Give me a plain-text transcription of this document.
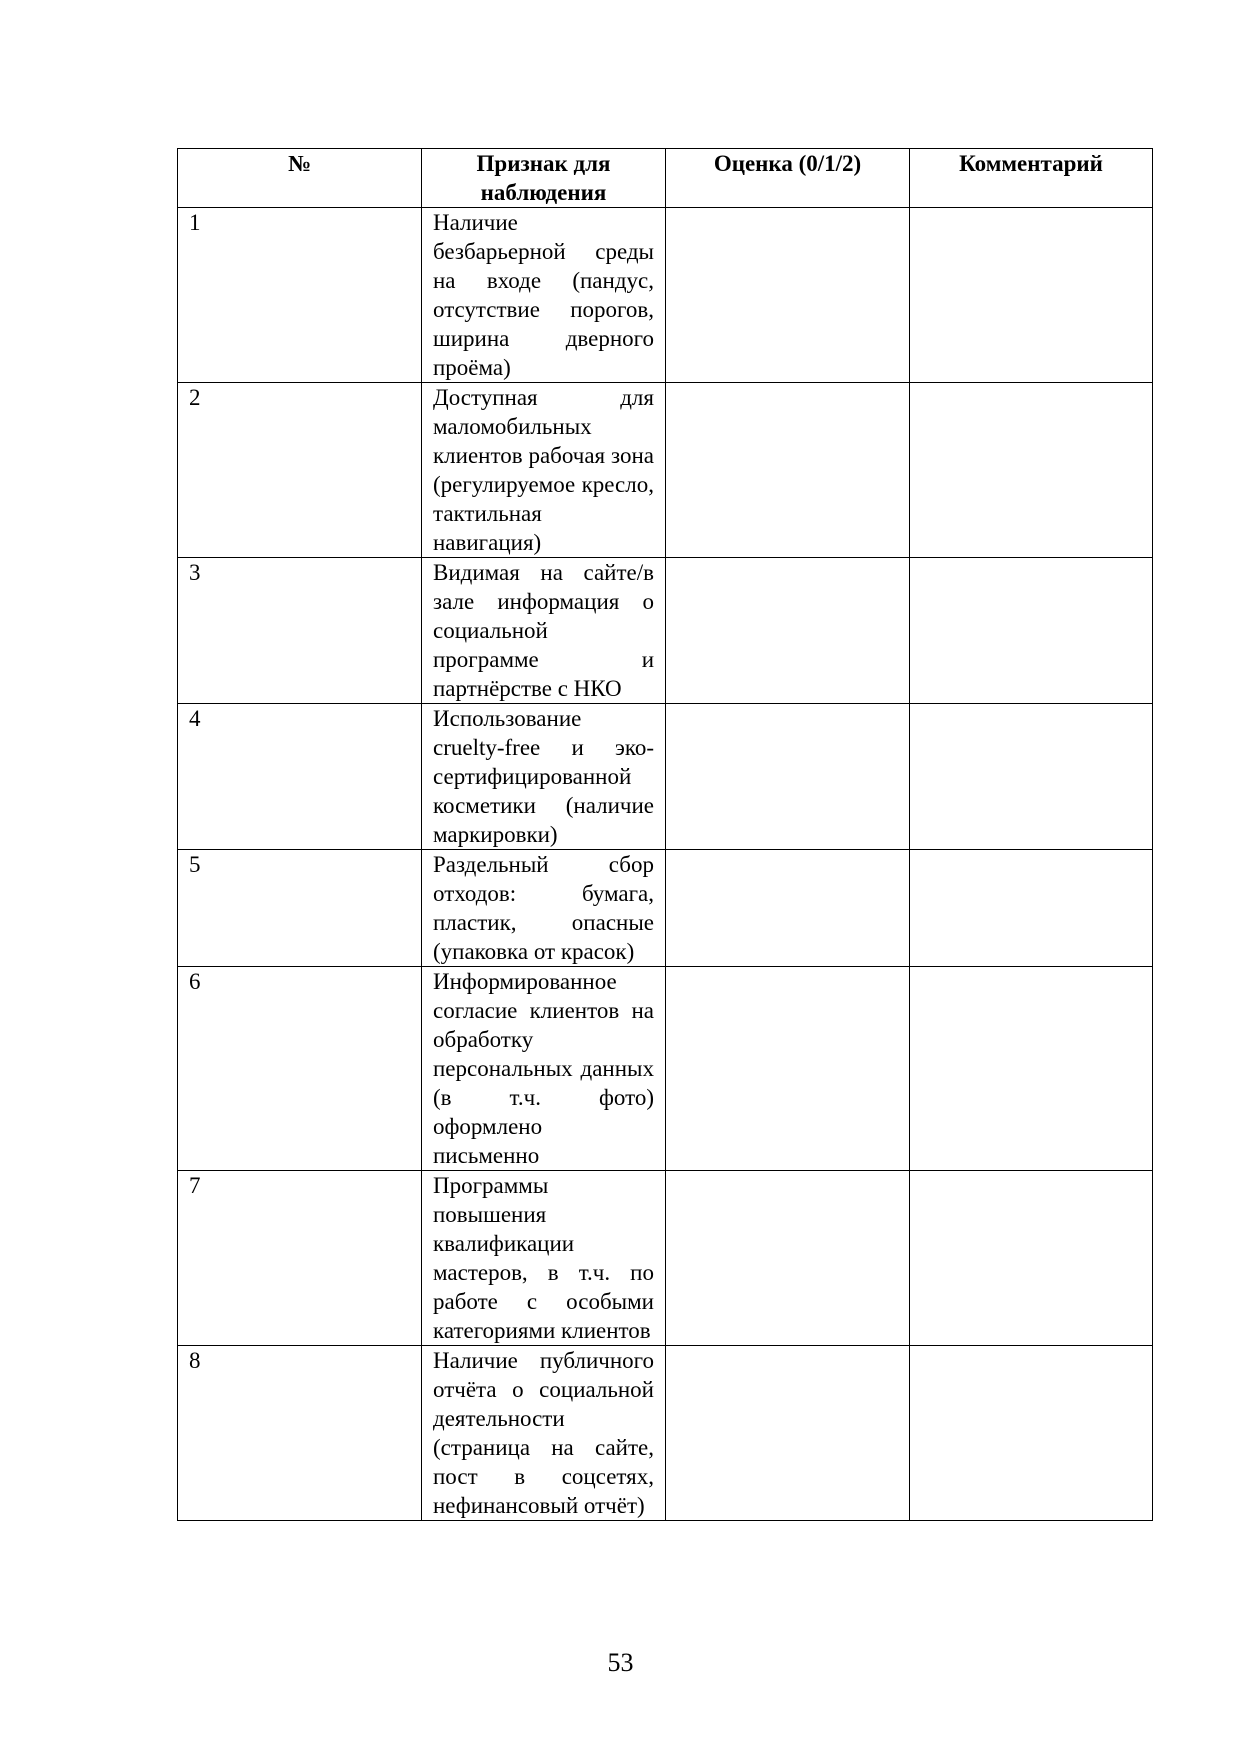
№	Признак для наблюдения	Оценка (0/1/2)	Комментарий
1	Наличие безбарьерной среды на входе (пандус, отсутствие порогов, ширина дверного проёма)		
2	Доступная для маломобильных клиентов рабочая зона (регулируемое кресло, тактильная навигация)		
3	Видимая на сайте/в зале информация о социальной программе и партнёрстве с НКО		
4	Использование cruelty-free и эко-сертифицированной косметики (наличие маркировки)		
5	Раздельный сбор отходов: бумага, пластик, опасные (упаковка от красок)		
6	Информированное согласие клиентов на обработку персональных данных (в т.ч. фото) оформлено письменно		
7	Программы повышения квалификации мастеров, в т.ч. по работе с особыми категориями клиентов		
8	Наличие публичного отчёта о социальной деятельности (страница на сайте, пост в соцсетях, нефинансовый отчёт)		
53
